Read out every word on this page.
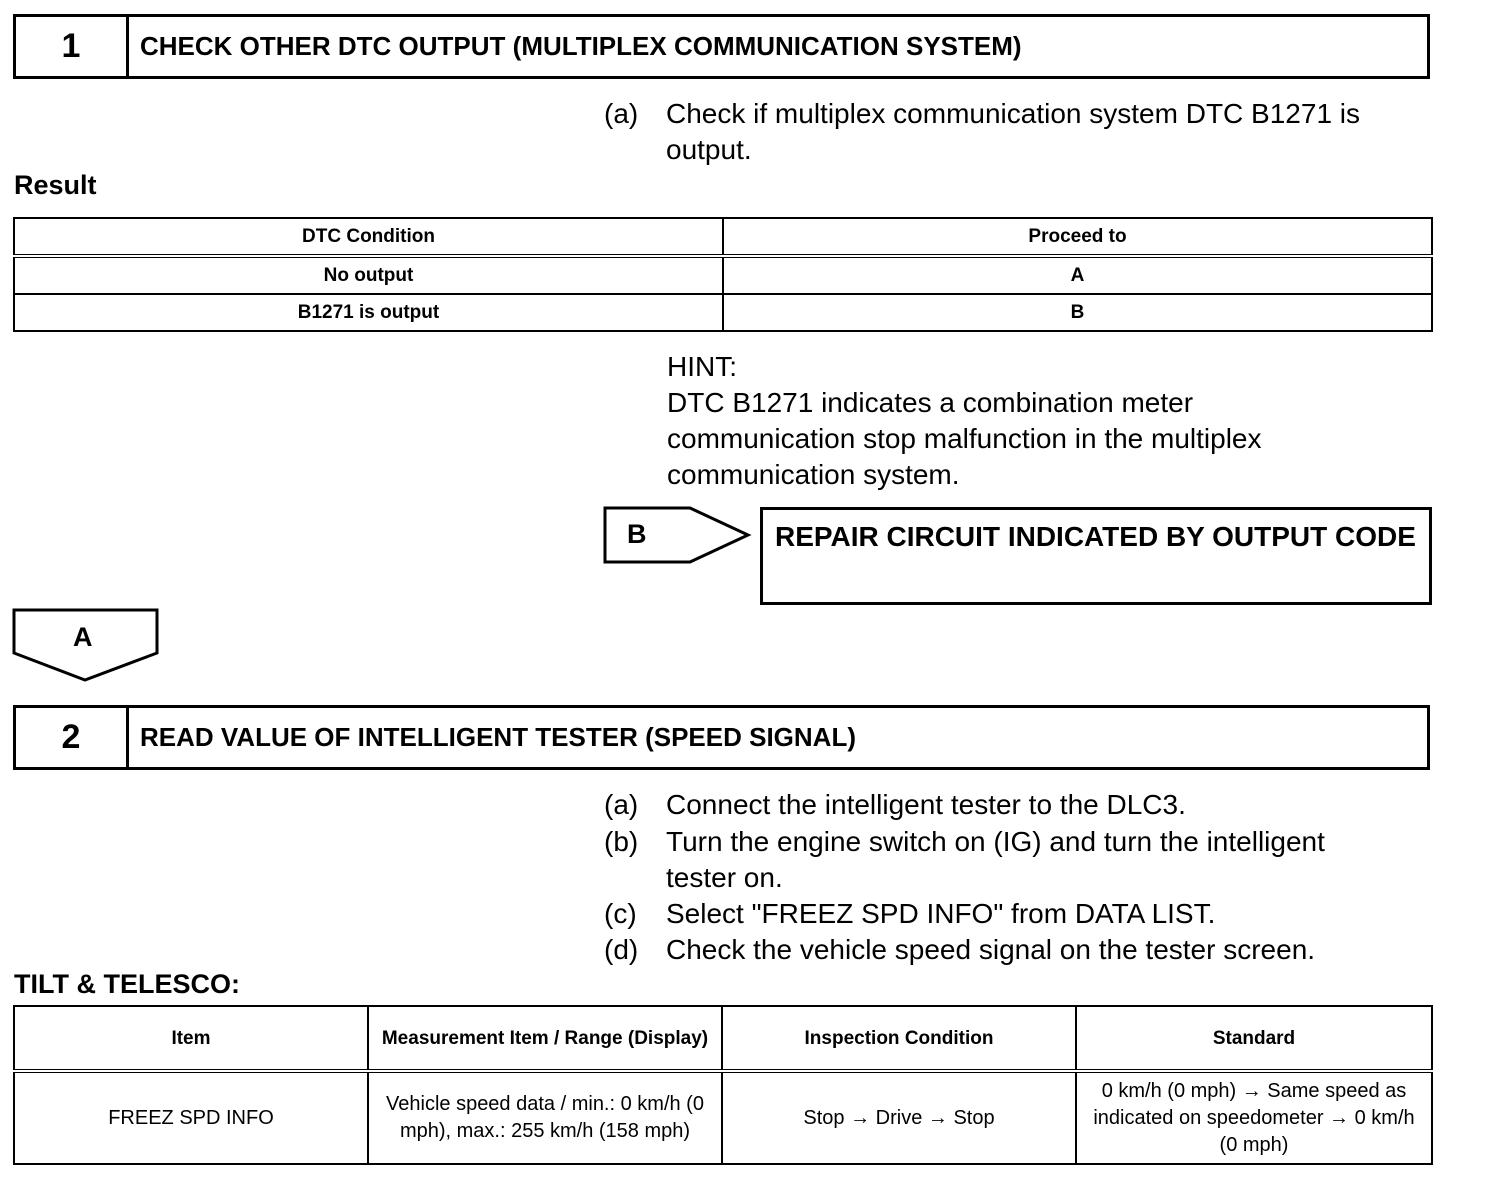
1	CHECK OTHER DTC OUTPUT (MULTIPLEX COMMUNICATION SYSTEM)
(a) Check if multiplex communication system DTC B1271 is output.
Result
DTC Condition	Proceed to
No output	A
B1271 is output	B
HINT:
DTC B1271 indicates a combination meter communication stop malfunction in the multiplex communication system.
B	REPAIR CIRCUIT INDICATED BY OUTPUT CODE
A
2	READ VALUE OF INTELLIGENT TESTER (SPEED SIGNAL)
(a) Connect the intelligent tester to the DLC3.
(b) Turn the engine switch on (IG) and turn the intelligent tester on.
(c) Select "FREEZ SPD INFO" from DATA LIST.
(d) Check the vehicle speed signal on the tester screen.
TILT & TELESCO:
Item	Measurement Item / Range (Display)	Inspection Condition	Standard
FREEZ SPD INFO	Vehicle speed data / min.: 0 km/h (0 mph), max.: 255 km/h (158 mph)	Stop → Drive → Stop	0 km/h (0 mph) → Same speed as indicated on speedometer → 0 km/h (0 mph)
